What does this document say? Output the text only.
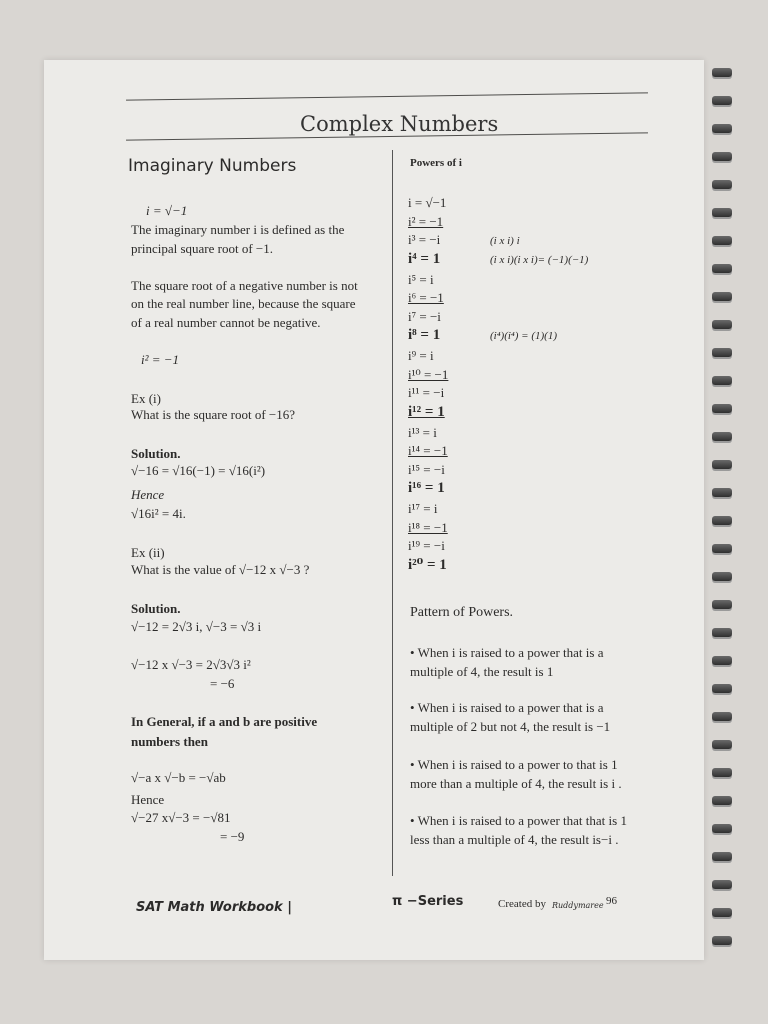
Complex Numbers
Imaginary Numbers
i = √−1
The imaginary number i is defined as the
principal square root of −1.
The square root of a negative number is not
on the real number line, because the square
of a real number cannot be negative.
i² = −1
Ex (i)
What is the square root of −16?
Solution.
√−16 = √16(−1) = √16(i²)
Hence
√16i² = 4i.
Ex (ii)
What is the value of √−12 x √−3 ?
Solution.
√−12 = 2√3 i, √−3 = √3 i
√−12 x √−3 = 2√3√3 i²
= −6
In General, if a and b are positive
numbers then
√−a x √−b = −√ab
Hence
√−27 x√−3 = −√81
= −9
Powers of i
i = √−1
i² = −1
i³ = −i	(i x i) i
i⁴ = 1	(i x i)(i x i)= (−1)(−1)
i⁵ = i
i⁶ = −1
i⁷ = −i
i⁸ = 1	(i⁴)(i⁴) = (1)(1)
i⁹ = i
i¹⁰ = −1
i¹¹ = −i
i¹² = 1
i¹³ = i
i¹⁴ = −1
i¹⁵ = −i
i¹⁶ = 1
i¹⁷ = i
i¹⁸ = −1
i¹⁹ = −i
i²⁰ = 1
Pattern of Powers.
• When i is raised to a power that is a
multiple of 4, the result is 1
• When i is raised to a power that is a
multiple of 2 but not 4, the result is −1
• When i is raised to a power to that is 1
more than a multiple of 4, the result is i .
• When i is raised to a power that that is 1
less than a multiple of 4, the result is−i .
SAT Math Workbook |	π −Series	Created by Ruddymaree 96
